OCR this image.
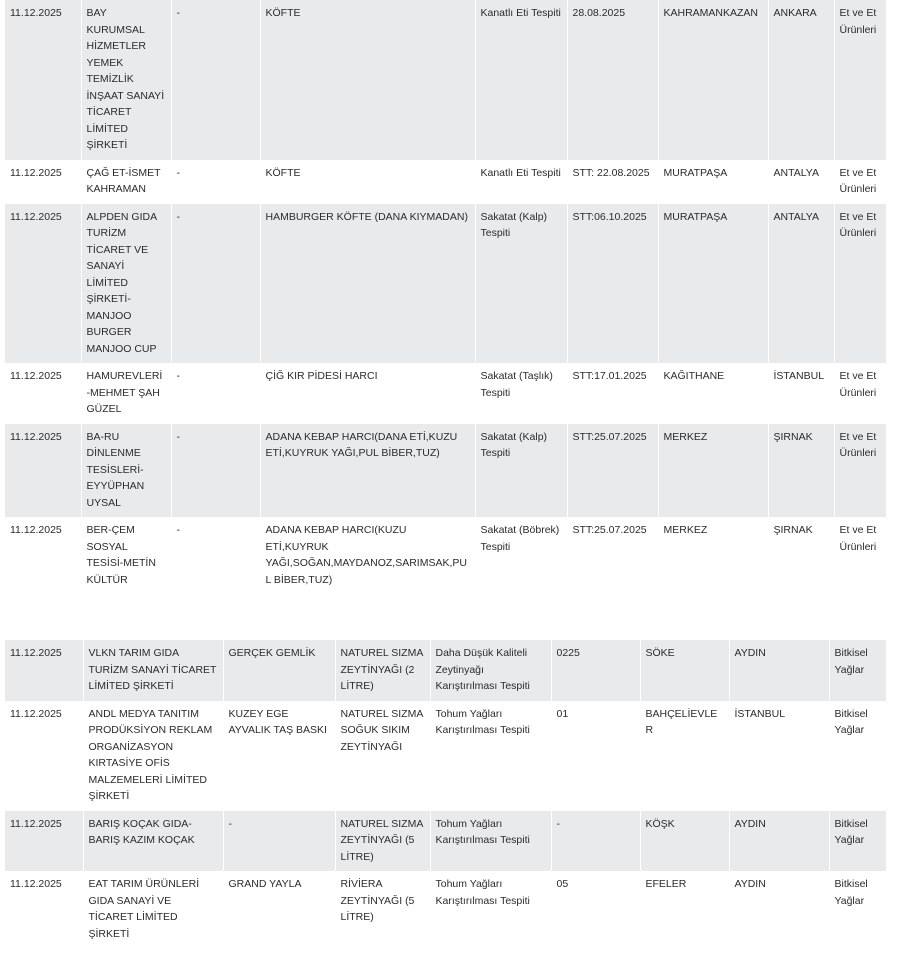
11.12.2025	BAY KURUMSAL HİZMETLER YEMEK TEMİZLİK İNŞAAT SANAYİ TİCARET LİMİTED ŞİRKETİ	-	KÖFTE	Kanatlı Eti Tespiti	28.08.2025	KAHRAMANKAZAN	ANKARA	Et ve Et Ürünleri
11.12.2025	ÇAĞ ET-İSMET KAHRAMAN	-	KÖFTE	Kanatlı Eti Tespiti	STT: 22.08.2025	MURATPAŞA	ANTALYA	Et ve Et Ürünleri
11.12.2025	ALPDEN GIDA TURİZM TİCARET VE SANAYİ LİMİTED ŞİRKETİ-MANJOO BURGER MANJOO CUP	-	HAMBURGER KÖFTE (DANA KIYMADAN)	Sakatat (Kalp) Tespiti	STT:06.10.2025	MURATPAŞA	ANTALYA	Et ve Et Ürünleri
11.12.2025	HAMUREVLERİ-MEHMET ŞAH GÜZEL	-	ÇİĞ KIR PİDESİ HARCI	Sakatat (Taşlık) Tespiti	STT:17.01.2025	KAĞITHANE	İSTANBUL	Et ve Et Ürünleri
11.12.2025	BA-RU DİNLENME TESİSLERİ-EYYÜPHAN UYSAL	-	ADANA KEBAP HARCI(DANA ETİ,KUZU ETİ,KUYRUK YAĞI,PUL BİBER,TUZ)	Sakatat (Kalp) Tespiti	STT:25.07.2025	MERKEZ	ŞIRNAK	Et ve Et Ürünleri
11.12.2025	BER-ÇEM SOSYAL TESİSİ-METİN KÜLTÜR	-	ADANA KEBAP HARCI(KUZU ETİ,KUYRUK YAĞI,SOĞAN,MAYDANOZ,SARIMSAK,PUL BİBER,TUZ)	Sakatat (Böbrek) Tespiti	STT:25.07.2025	MERKEZ	ŞIRNAK	Et ve Et Ürünleri
11.12.2025	VLKN TARIM GIDA TURİZM SANAYİ TİCARET LİMİTED ŞİRKETİ	GERÇEK GEMLİK	NATUREL SIZMA ZEYTİNYAĞI (2 LİTRE)	Daha Düşük Kaliteli Zeytinyağı Karıştırılması Tespiti	0225	SÖKE	AYDIN	Bitkisel Yağlar
11.12.2025	ANDL MEDYA TANITIM PRODÜKSİYON REKLAM ORGANİZASYON KIRTASİYE OFİS MALZEMELERİ LİMİTED ŞİRKETİ	KUZEY EGE AYVALIK TAŞ BASKI	NATUREL SIZMA SOĞUK SIKIM ZEYTİNYAĞI	Tohum Yağları Karıştırılması Tespiti	01	BAHÇELİEVLER	İSTANBUL	Bitkisel Yağlar
11.12.2025	BARIŞ KOÇAK GIDA-BARIŞ KAZIM KOÇAK	-	NATUREL SIZMA ZEYTİNYAĞI (5 LİTRE)	Tohum Yağları Karıştırılması Tespiti	-	KÖŞK	AYDIN	Bitkisel Yağlar
11.12.2025	EAT TARIM ÜRÜNLERİ GIDA SANAYİ VE TİCARET LİMİTED ŞİRKETİ	GRAND YAYLA	RİVİERA ZEYTİNYAĞI (5 LİTRE)	Tohum Yağları Karıştırılması Tespiti	05	EFELER	AYDIN	Bitkisel Yağlar
